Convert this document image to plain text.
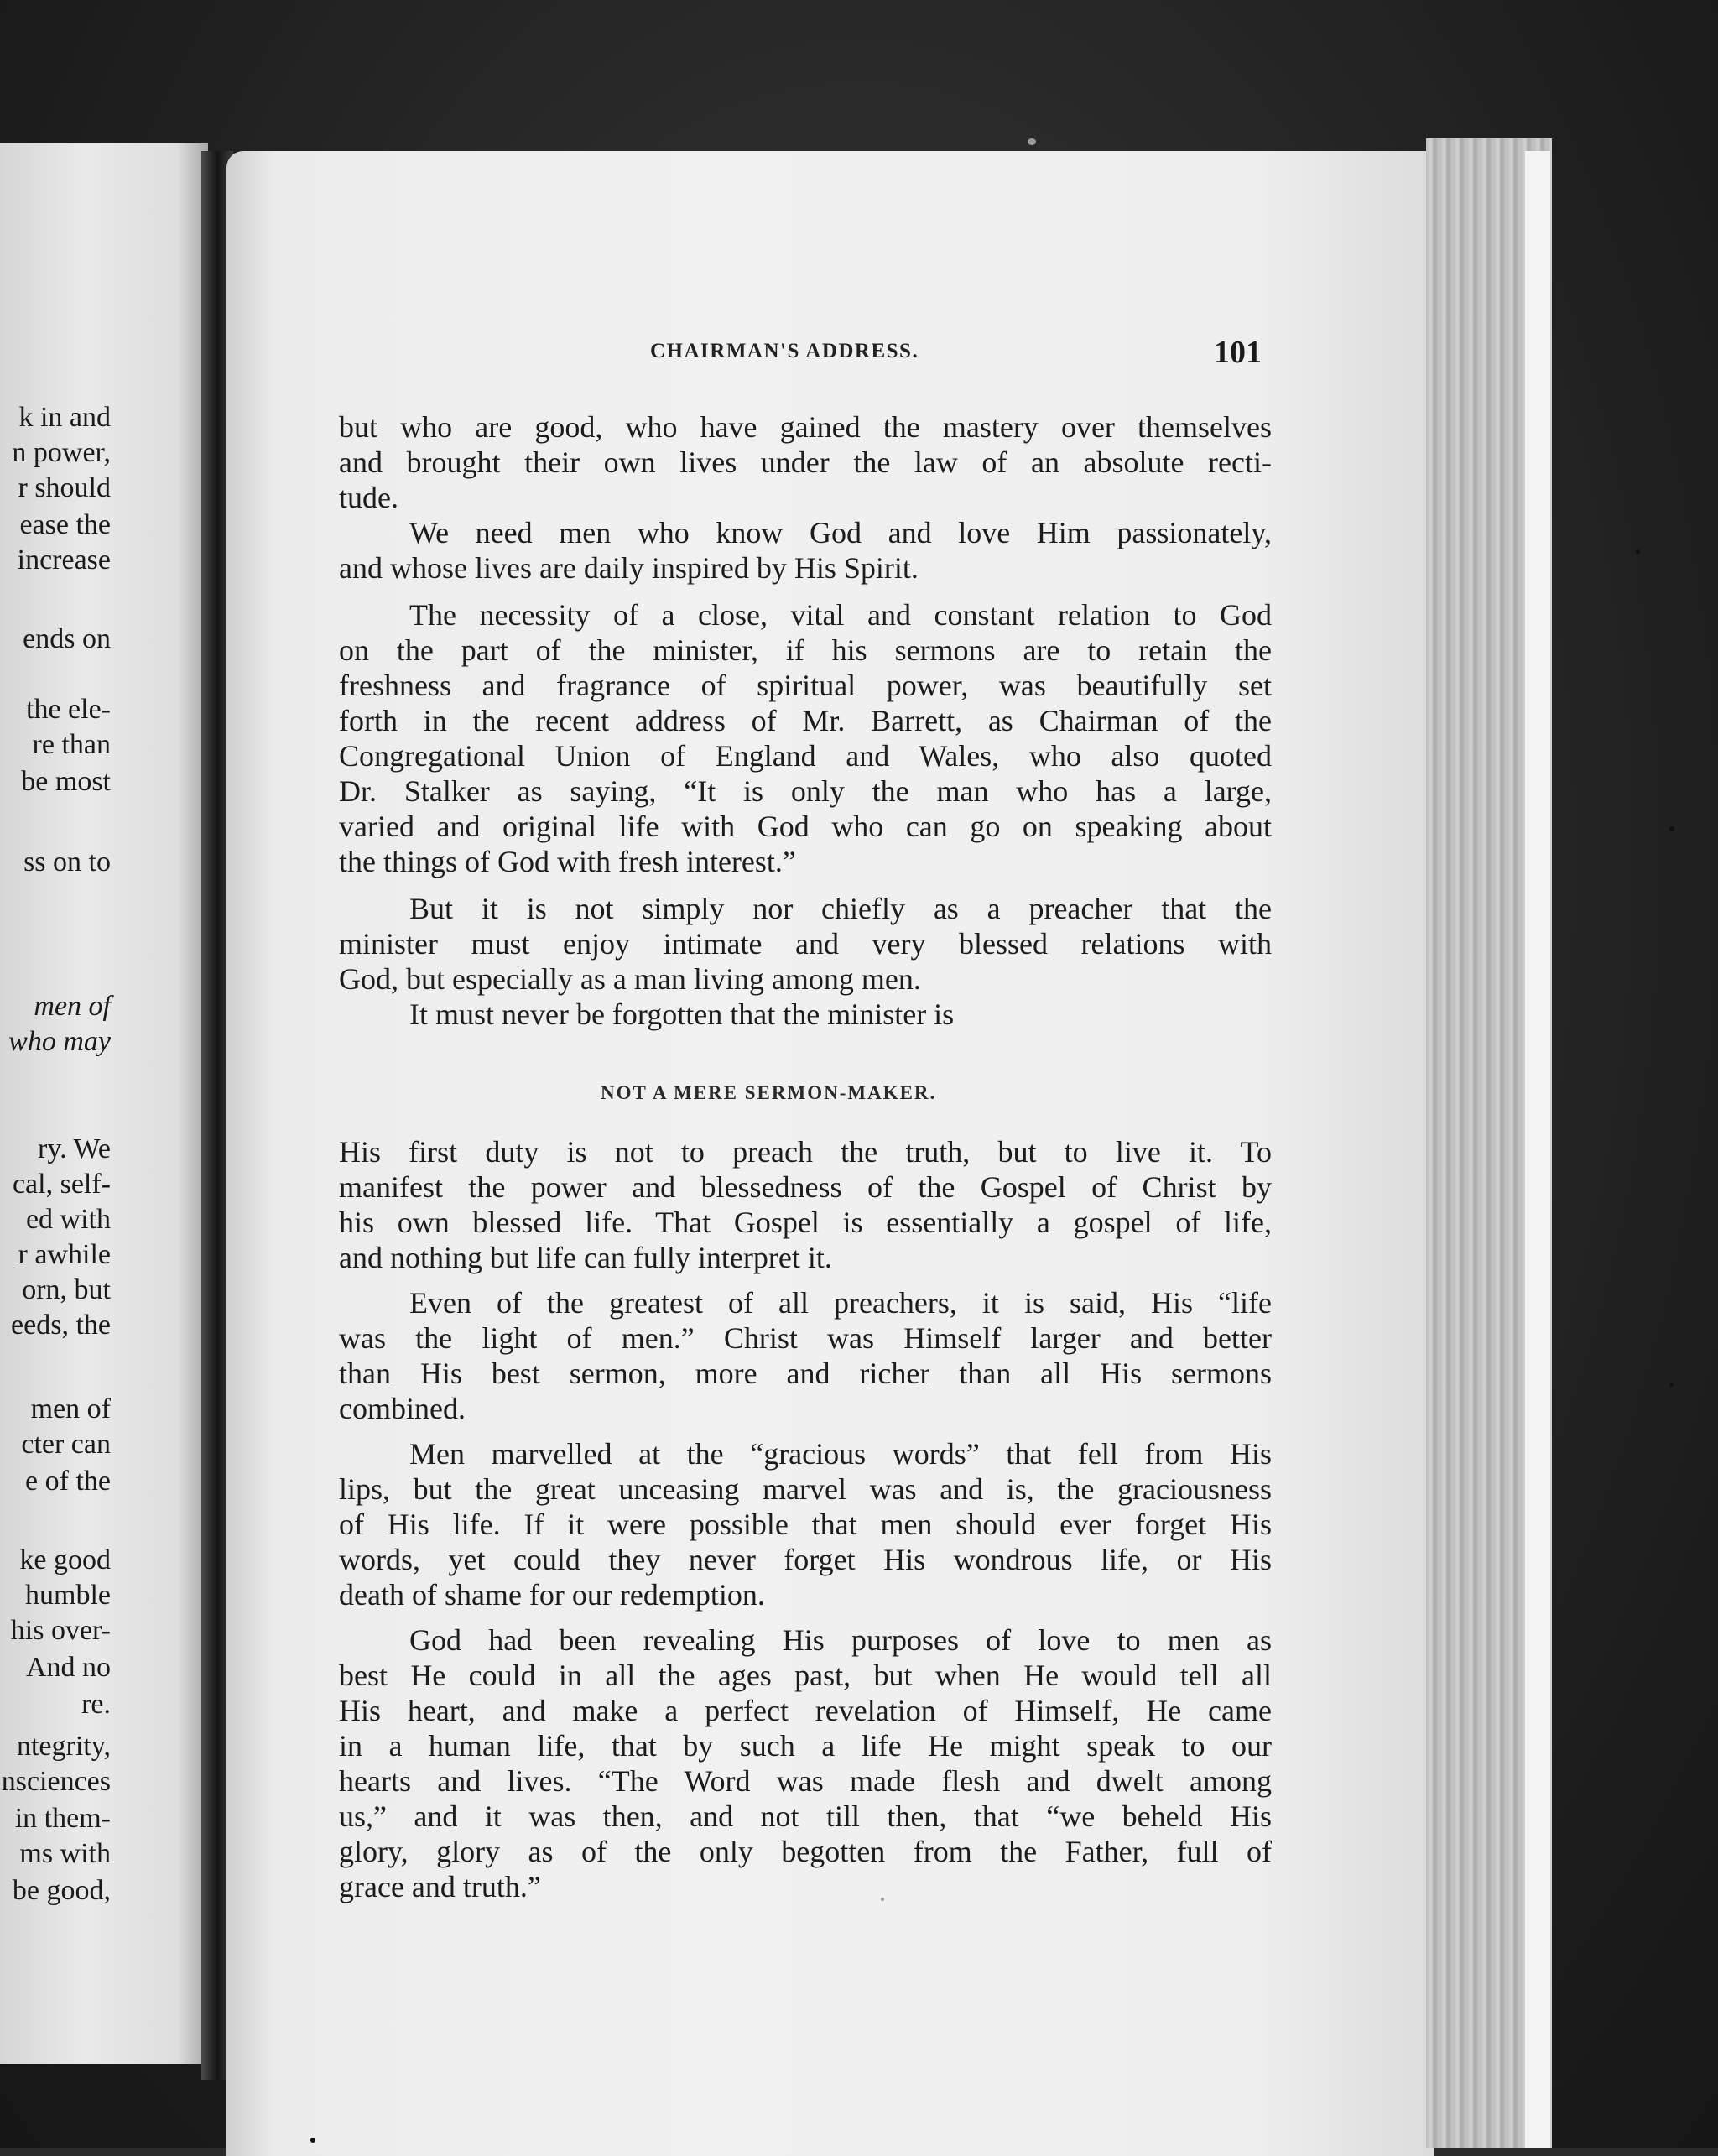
k in and
n power,
r should
ease the
increase
ends on
the ele-
re than
be most
ss on to
men of
who may
ry. We
cal, self-
ed with
r awhile
orn, but
eeds, the
men of
cter can
e of the
ke good
humble
his over-
And no
re.
ntegrity,
nsciences
in them-
ms with
be good,
CHAIRMAN'S ADDRESS.	101
but who are good, who have gained the mastery over themselves
and brought their own lives under the law of an absolute recti-
tude.
We need men who know God and love Him passionately,
and whose lives are daily inspired by His Spirit.
The necessity of a close, vital and constant relation to God
on the part of the minister, if his sermons are to retain the
freshness and fragrance of spiritual power, was beautifully set
forth in the recent address of Mr. Barrett, as Chairman of the
Congregational Union of England and Wales, who also quoted
Dr. Stalker as saying, “It is only the man who has a large,
varied and original life with God who can go on speaking about
the things of God with fresh interest.”
But it is not simply nor chiefly as a preacher that the
minister must enjoy intimate and very blessed relations with
God, but especially as a man living among men.
It must never be forgotten that the minister is
His first duty is not to preach the truth, but to live it. To
manifest the power and blessedness of the Gospel of Christ by
his own blessed life. That Gospel is essentially a gospel of life,
and nothing but life can fully interpret it.
Even of the greatest of all preachers, it is said, His “life
was the light of men.” Christ was Himself larger and better
than His best sermon, more and richer than all His sermons
combined.
Men marvelled at the “gracious words” that fell from His
lips, but the great unceasing marvel was and is, the graciousness
of His life. If it were possible that men should ever forget His
words, yet could they never forget His wondrous life, or His
death of shame for our redemption.
God had been revealing His purposes of love to men as
best He could in all the ages past, but when He would tell all
His heart, and make a perfect revelation of Himself, He came
in a human life, that by such a life He might speak to our
hearts and lives. “The Word was made flesh and dwelt among
us,” and it was then, and not till then, that “we beheld His
glory, glory as of the only begotten from the Father, full of
grace and truth.”
NOT A MERE SERMON-MAKER.
